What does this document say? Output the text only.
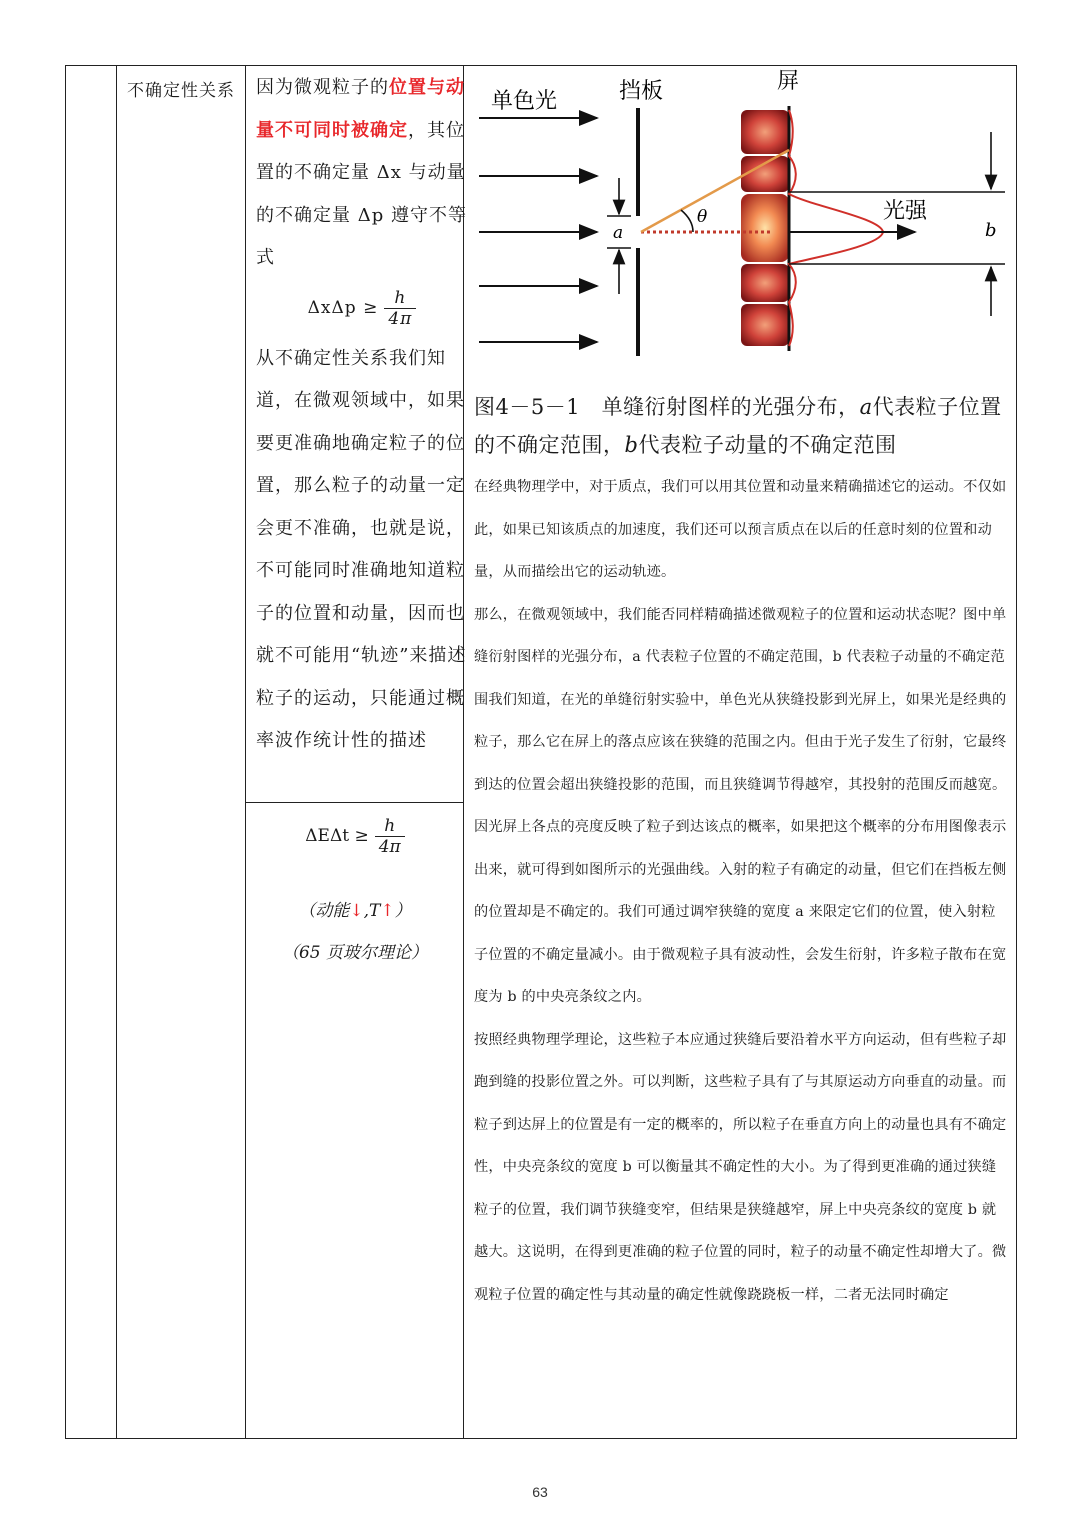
不确定性关系	因为微观粒子的位置与动量不可同时被确定，其位置的不确定量 Δx 与动量的不确定量 Δp 遵守不等式

$\Delta x\Delta p \ge \frac{h}{4\pi}$

从不确定性关系我们知道，在微观领域中，如果要更准确地确定粒子的位置，那么粒子的动量一定会更不准确，也就是说，不可能同时准确地知道粒子的位置和动量，因而也就不可能用“轨迹”来描述粒子的运动，只能通过概率波作统计性的描述

$\Delta E\Delta t \ge \frac{h}{4\pi}$
（动能↓,T↑）
（65 页玻尔理论）
单色光	挡板	屏
a
θ	光强
b
图4－5－1　单缝衍射图样的光强分布，a代表粒子位置的不确定范围，b代表粒子动量的不确定范围

在经典物理学中，对于质点，我们可以用其位置和动量来精确描述它的运动。不仅如此，如果已知该质点的加速度，我们还可以预言质点在以后的任意时刻的位置和动量，从而描绘出它的运动轨迹。

那么，在微观领域中，我们能否同样精确描述微观粒子的位置和运动状态呢？图中单缝衍射图样的光强分布，a 代表粒子位置的不确定范围，b 代表粒子动量的不确定范围我们知道，在光的单缝衍射实验中，单色光从狭缝投影到光屏上，如果光是经典的粒子，那么它在屏上的落点应该在狭缝的范围之内。但由于光子发生了衍射，它最终到达的位置会超出狭缝投影的范围，而且狭缝调节得越窄，其投射的范围反而越宽。因光屏上各点的亮度反映了粒子到达该点的概率，如果把这个概率的分布用图像表示出来，就可得到如图所示的光强曲线。入射的粒子有确定的动量，但它们在挡板左侧的位置却是不确定的。我们可通过调窄狭缝的宽度 a 来限定它们的位置，使入射粒子位置的不确定量减小。由于微观粒子具有波动性，会发生衍射，许多粒子散布在宽度为 b 的中央亮条纹之内。

按照经典物理学理论，这些粒子本应通过狭缝后要沿着水平方向运动，但有些粒子却跑到缝的投影位置之外。可以判断，这些粒子具有了与其原运动方向垂直的动量。而粒子到达屏上的位置是有一定的概率的，所以粒子在垂直方向上的动量也具有不确定性，中央亮条纹的宽度 b 可以衡量其不确定性的大小。为了得到更准确的通过狭缝粒子的位置，我们调节狭缝变窄，但结果是狭缝越窄，屏上中央亮条纹的宽度 b 就越大。这说明，在得到更准确的粒子位置的同时，粒子的动量不确定性却增大了。微观粒子位置的确定性与其动量的确定性就像跷跷板一样，二者无法同时确定

63
